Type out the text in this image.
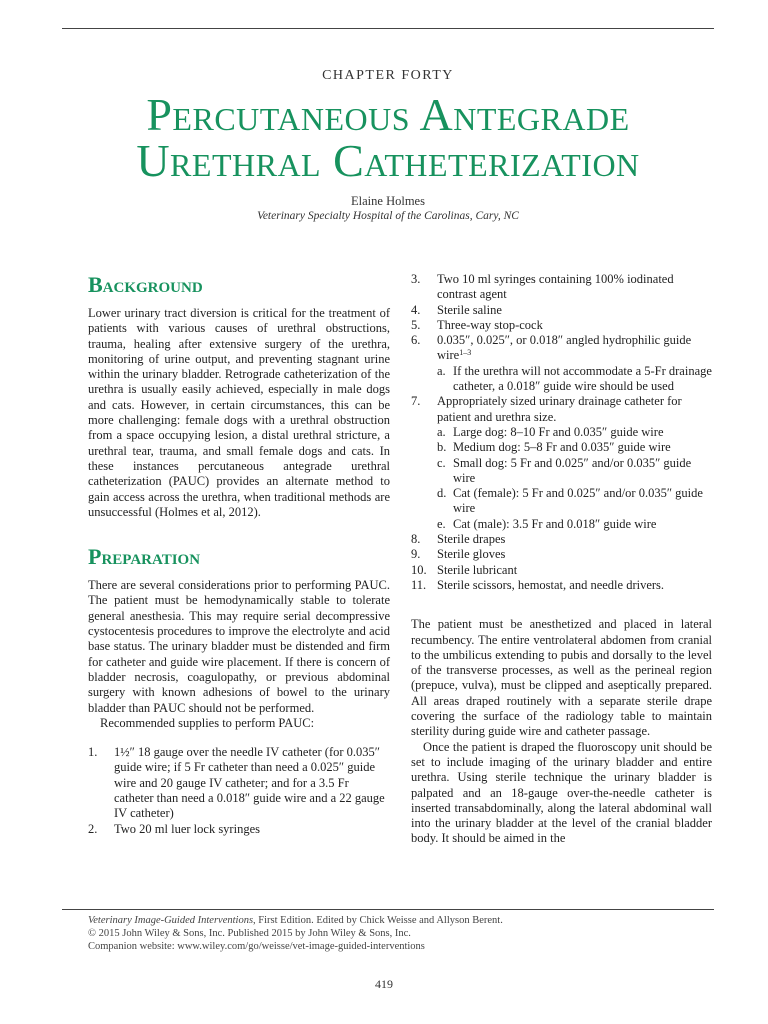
CHAPTER FORTY
Percutaneous Antegrade
Urethral Catheterization
Elaine Holmes
Veterinary Specialty Hospital of the Carolinas, Cary, NC
Background

Lower urinary tract diversion is critical for the treatment of patients with various causes of urethral obstructions, trauma, healing after extensive surgery of the urethra, monitoring of urine output, and preventing stagnant urine within the urinary bladder. Retrograde catheterization of the urethra is usually easily achieved, especially in male dogs and cats. However, in certain circumstances, this can be more challenging: female dogs with a urethral obstruction from a space occupying lesion, a distal urethral stricture, a urethral tear, trauma, and small female dogs and cats. In these instances percutaneous antegrade urethral catheterization (PAUC) provides an alternate method to gain access across the urethra, when traditional methods are unsuccessful (Holmes et al, 2012).

Preparation

There are several considerations prior to performing PAUC. The patient must be hemodynamically stable to tolerate general anesthesia. This may require serial decompressive cystocentesis procedures to improve the electrolyte and acid base status. The urinary bladder must be distended and firm for catheter and guide wire placement. If there is concern of bladder necrosis, coagulopathy, or previous abdominal surgery with known adhesions of bowel to the urinary bladder than PAUC should not be performed.

Recommended supplies to perform PAUC:

1.	1½″ 18 gauge over the needle IV catheter (for 0.035″ guide wire; if 5 Fr catheter than need a 0.025″ guide wire and 20 gauge IV catheter; and for a 3.5 Fr catheter than need a 0.018″ guide wire and a 22 gauge IV catheter)
2.	Two 20 ml luer lock syringes
3.	Two 10 ml syringes containing 100% iodinated contrast agent
4.	Sterile saline
5.	Three-way stop-cock
6.	0.035″, 0.025″, or 0.018″ angled hydrophilic guide wire$^{1-3}$
a. If the urethra will not accommodate a 5-Fr drainage catheter, a 0.018″ guide wire should be used
7.	Appropriately sized urinary drainage catheter for patient and urethra size.
a. Large dog: 8–10 Fr and 0.035″ guide wire
b. Medium dog: 5–8 Fr and 0.035″ guide wire
c. Small dog: 5 Fr and 0.025″ and/or 0.035″ guide wire
d. Cat (female): 5 Fr and 0.025″ and/or 0.035″ guide wire
e. Cat (male): 3.5 Fr and 0.018″ guide wire
8.	Sterile drapes
9.	Sterile gloves
10. Sterile lubricant
11. Sterile scissors, hemostat, and needle drivers.

The patient must be anesthetized and placed in lateral recumbency. The entire ventrolateral abdomen from cranial to the umbilicus extending to pubis and dorsally to the level of the transverse processes, as well as the perineal region (prepuce, vulva), must be clipped and aseptically prepared. All areas draped routinely with a separate sterile drape covering the surface of the radiology table to maintain sterility during guide wire and catheter passage.

Once the patient is draped the fluoroscopy unit should be set to include imaging of the urinary bladder and entire urethra. Using sterile technique the urinary bladder is palpated and an 18-gauge over-the-needle catheter is inserted transabdominally, along the lateral abdominal wall into the urinary bladder at the level of the cranial bladder body. It should be aimed in the

Veterinary Image-Guided Interventions, First Edition. Edited by Chick Weisse and Allyson Berent.
© 2015 John Wiley & Sons, Inc. Published 2015 by John Wiley & Sons, Inc.
Companion website: www.wiley.com/go/weisse/vet-image-guided-interventions
419
